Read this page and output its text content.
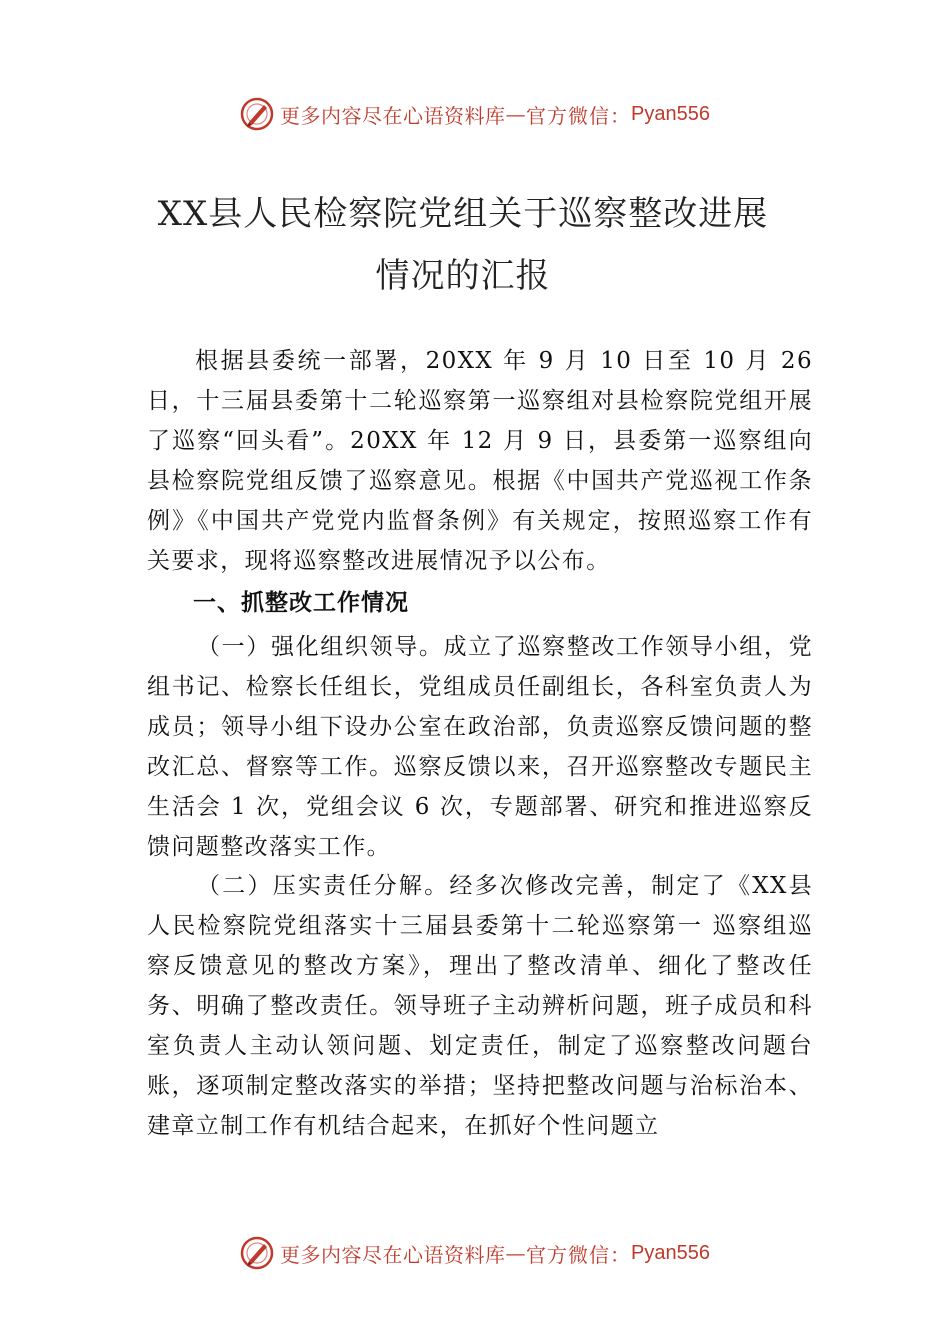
更多内容尽在心语资料库 — 官方微信： Pyan556
XX县人民检察院党组关于巡察整改进展
情况的汇报
根据县委统一部署，20XX 年 9 月 10 日至 10 月 26 日，十三届县委第十二轮巡察第一巡察组对县检察院党组开展了巡察“回头看”。20XX 年 12 月 9 日，县委第一巡察组向县检察院党组反馈了巡察意见。根据《中国共产党巡视工作条例》《中国共产党党内监督条例》有关规定，按照巡察工作有关要求，现将巡察整改进展情况予以公布。
一、抓整改工作情况
（一）强化组织领导。成立了巡察整改工作领导小组，党组书记、检察长任组长，党组成员任副组长，各科室负责人为成员；领导小组下设办公室在政治部，负责巡察反馈问题的整改汇总、督察等工作。巡察反馈以来，召开巡察整改专题民主生活会 1 次，党组会议 6 次，专题部署、研究和推进巡察反馈问题整改落实工作。
（二）压实责任分解。经多次修改完善，制定了《XX县人民检察院党组落实十三届县委第十二轮巡察第一 巡察组巡察反馈意见的整改方案》，理出了整改清单、细化了整改任务、明确了整改责任。领导班子主动辨析问题，班子成员和科室负责人主动认领问题、划定责任，制定了巡察整改问题台账，逐项制定整改落实的举措；坚持把整改问题与治标治本、建章立制工作有机结合起来，在抓好个性问题立
更多内容尽在心语资料库 — 官方微信： Pyan556
